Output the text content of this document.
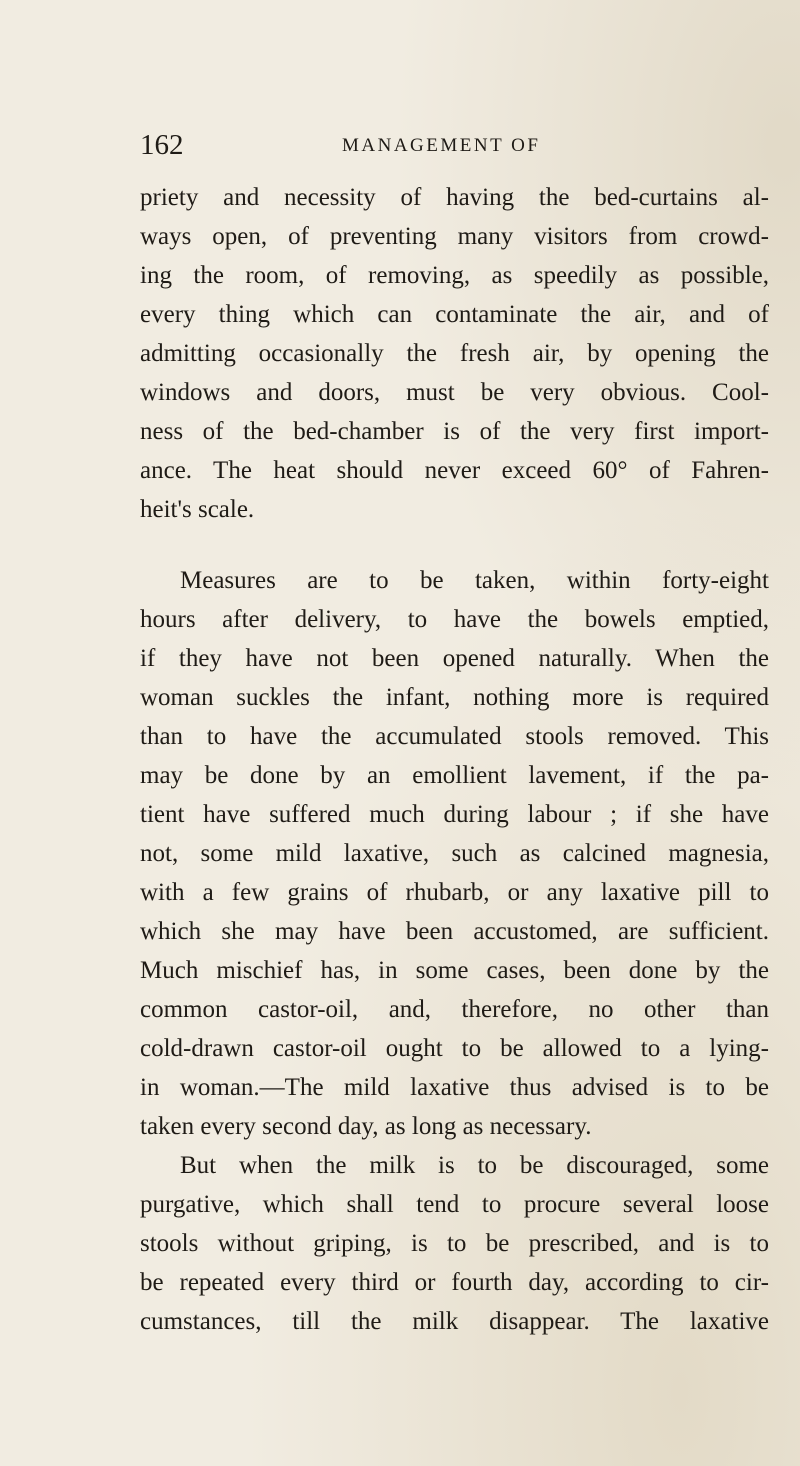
162	MANAGEMENT OF
priety and necessity of having the bed-curtains al-
ways open, of preventing many visitors from crowd-
ing the room, of removing, as speedily as possible,
every thing which can contaminate the air, and of
admitting occasionally the fresh air, by opening the
windows and doors, must be very obvious. Cool-
ness of the bed-chamber is of the very first import-
ance. The heat should never exceed 60° of Fahren-
heit's scale.
Measures are to be taken, within forty-eight
hours after delivery, to have the bowels emptied,
if they have not been opened naturally. When the
woman suckles the infant, nothing more is required
than to have the accumulated stools removed. This
may be done by an emollient lavement, if the pa-
tient have suffered much during labour ; if she have
not, some mild laxative, such as calcined magnesia,
with a few grains of rhubarb, or any laxative pill to
which she may have been accustomed, are sufficient.
Much mischief has, in some cases, been done by the
common castor-oil, and, therefore, no other than
cold-drawn castor-oil ought to be allowed to a lying-
in woman.—The mild laxative thus advised is to be
taken every second day, as long as necessary.
But when the milk is to be discouraged, some
purgative, which shall tend to procure several loose
stools without griping, is to be prescribed, and is to
be repeated every third or fourth day, according to cir-
cumstances, till the milk disappear. The laxative
